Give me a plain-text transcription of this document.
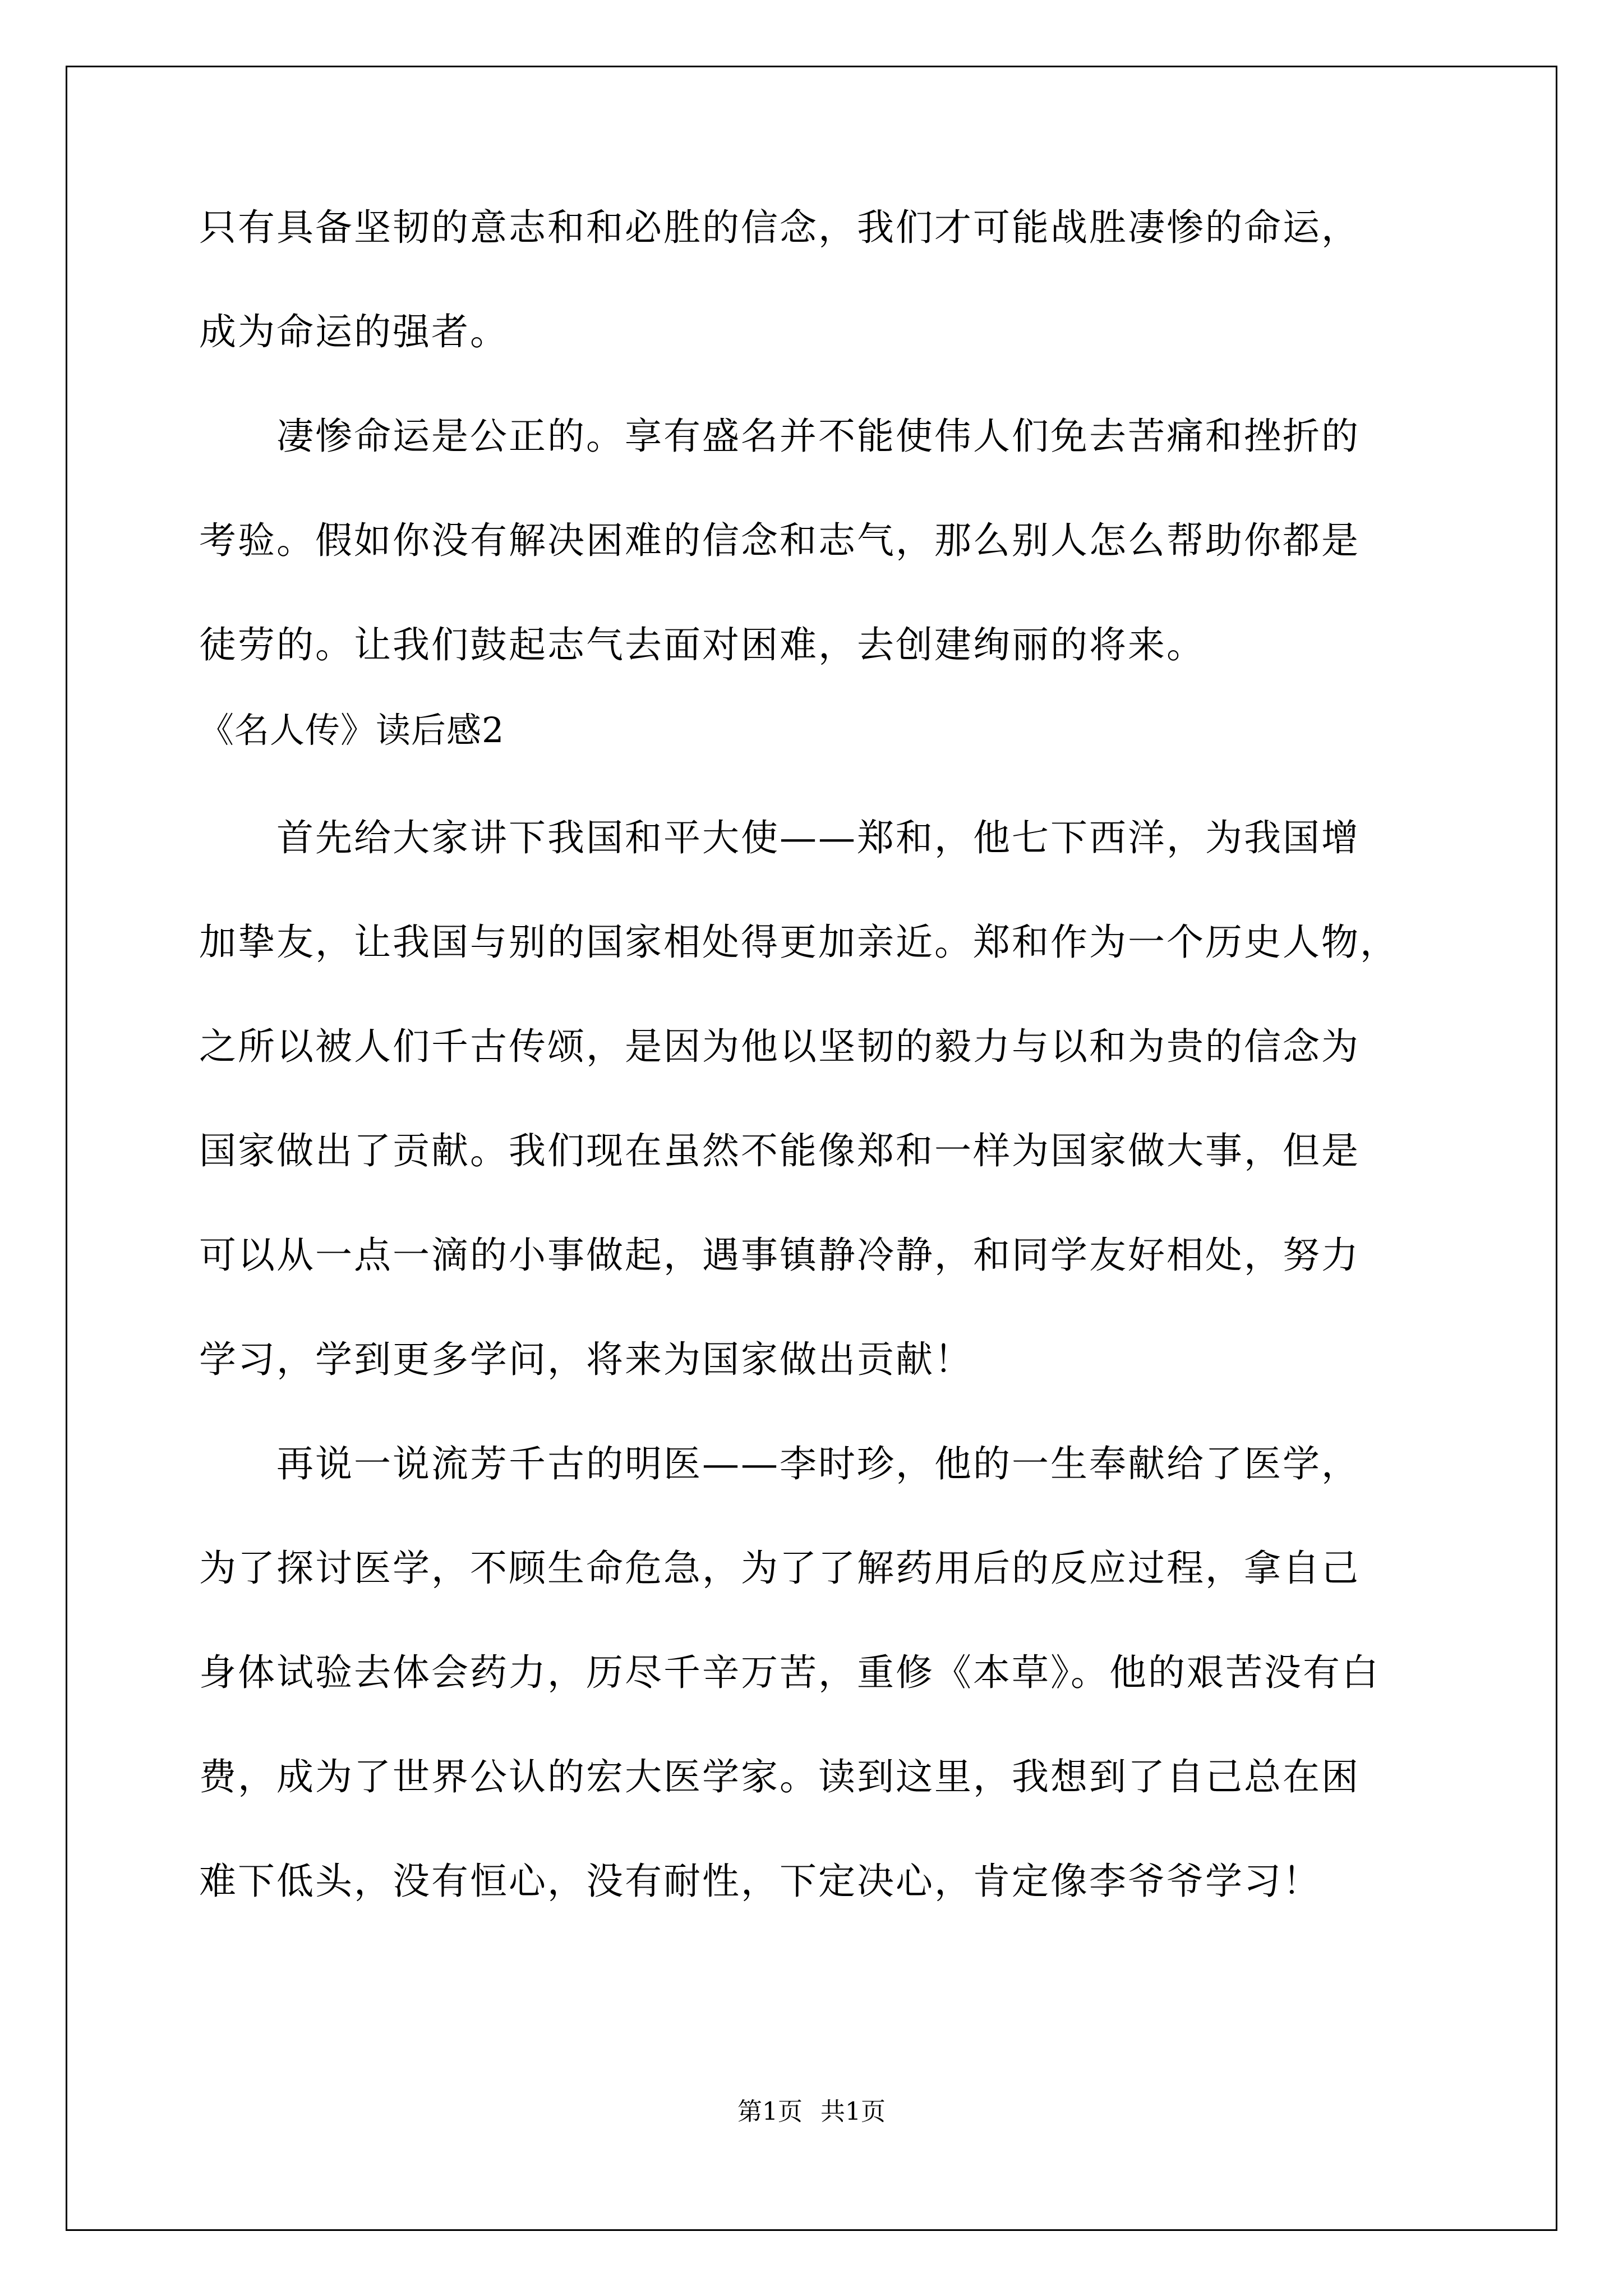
只有具备坚韧的意志和和必胜的信念，我们才可能战胜凄惨的命运，
成为命运的强者。
　　凄惨命运是公正的。享有盛名并不能使伟人们免去苦痛和挫折的
考验。假如你没有解决困难的信念和志气，那么别人怎么帮助你都是
徒劳的。让我们鼓起志气去面对困难，去创建绚丽的将来。
《名人传》读后感2
　　首先给大家讲下我国和平大使——郑和，他七下西洋，为我国增
加挚友，让我国与别的国家相处得更加亲近。郑和作为一个历史人物，
之所以被人们千古传颂，是因为他以坚韧的毅力与以和为贵的信念为
国家做出了贡献。我们现在虽然不能像郑和一样为国家做大事，但是
可以从一点一滴的小事做起，遇事镇静冷静，和同学友好相处，努力
学习，学到更多学问，将来为国家做出贡献！
　　再说一说流芳千古的明医——李时珍，他的一生奉献给了医学，
为了探讨医学，不顾生命危急，为了了解药用后的反应过程，拿自己
身体试验去体会药力，历尽千辛万苦，重修《本草》。他的艰苦没有白
费，成为了世界公认的宏大医学家。读到这里，我想到了自己总在困
难下低头，没有恒心，没有耐性，下定决心，肯定像李爷爷学习！
第1页 共1页
